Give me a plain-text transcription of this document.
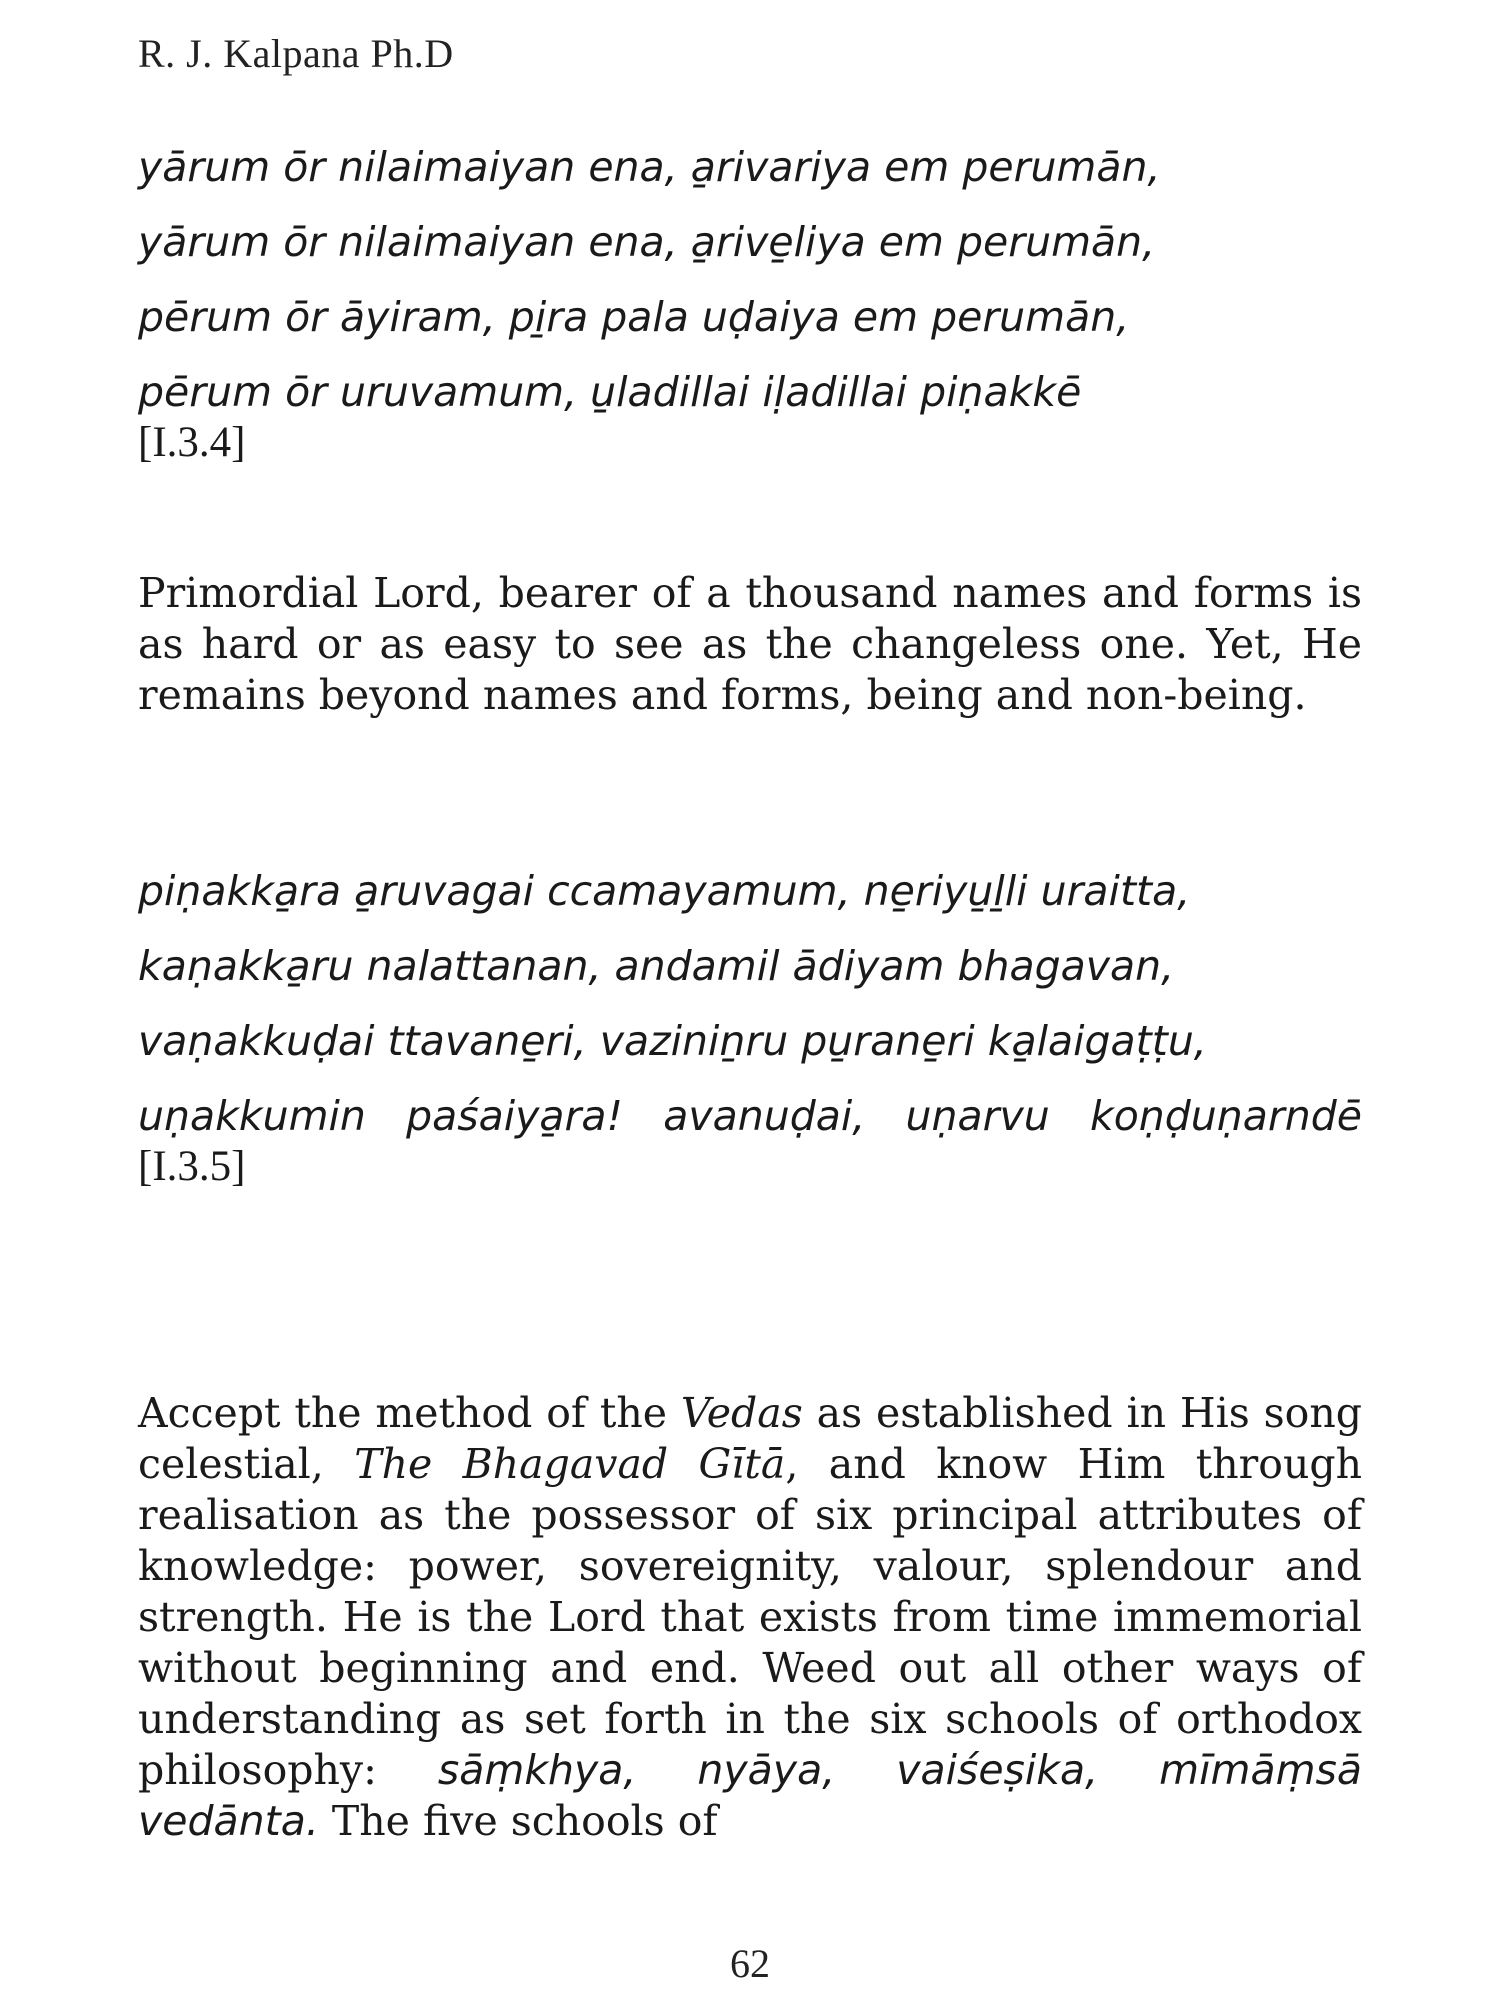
R. J. Kalpana Ph.D

yārum ōr nilaimaiyan ena, a̱rivariya em perumān,

yārum ōr nilaimaiyan ena, a̱rive̱liya em perumān,

pērum ōr āyiram, pi̱ra pala uḍaiya em perumān,

pērum ōr uruvamum, u̱ladillai iḷadillai piṇakkē

[I.3.4]

Primordial Lord, bearer of a thousand names and forms is as hard or as easy to see as the changeless one. Yet, He remains beyond names and forms, being and non-being.

piṇakka̱ra a̱ruvagai ccamayamum, ne̱riyu̱ḻli uraitta,

kaṇakka̱ru nalattanan, andamil ādiyam bhagavan,

vaṇakkuḍai ttavane̱ri, vaziniṉru pu̱rane̱ri ka̱laigaṭṭu,

uṇakkumin paśaiya̱ra! avanuḍai, uṇarvu koṇḍuṇarndē [I.3.5]

Accept the method of the Vedas as established in His song celestial, The Bhagavad Gītā, and know Him through realisation as the possessor of six principal attributes of knowledge: power, sovereignity, valour, splendour and strength. He is the Lord that exists from time immemorial without beginning and end. Weed out all other ways of understanding as set forth in the six schools of orthodox philosophy: sāṃkhya, nyāya, vaiśeṣika, mīmāṃsā vedānta. The five schools of

62
